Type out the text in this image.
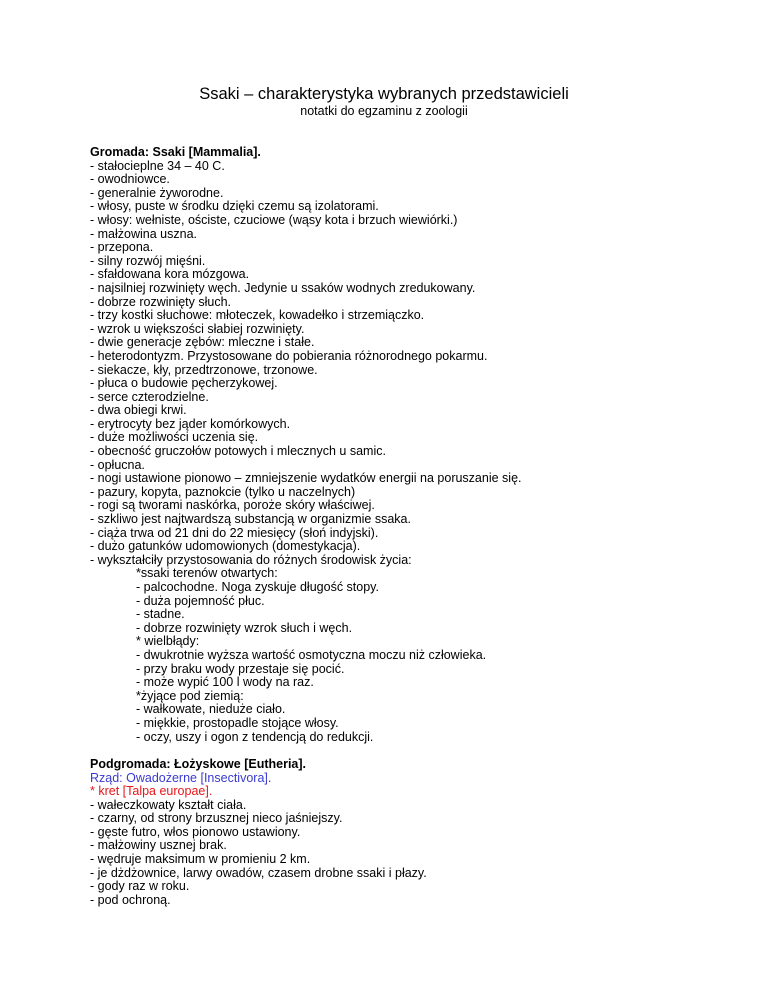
Ssaki – charakterystyka wybranych przedstawicieli
notatki do egzaminu z zoologii
Gromada: Ssaki [Mammalia].
- stałocieplne 34 – 40 C.
- owodniowce.
- generalnie żyworodne.
- włosy, puste w środku dzięki czemu są izolatorami.
- włosy: wełniste, ościste, czuciowe (wąsy kota i brzuch wiewiórki.)
- małżowina uszna.
- przepona.
- silny rozwój mięśni.
- sfałdowana kora mózgowa.
- najsilniej rozwinięty węch. Jedynie u ssaków wodnych zredukowany.
- dobrze rozwinięty słuch.
- trzy kostki słuchowe: młoteczek, kowadełko i strzemiączko.
- wzrok u większości słabiej rozwinięty.
- dwie generacje zębów: mleczne i stałe.
- heterodontyzm. Przystosowane do pobierania różnorodnego pokarmu.
- siekacze, kły, przedtrzonowe, trzonowe.
- płuca o budowie pęcherzykowej.
- serce czterodzielne.
- dwa obiegi krwi.
- erytrocyty bez jąder komórkowych.
- duże możliwości uczenia się.
- obecność gruczołów potowych i mlecznych u samic.
- opłucna.
- nogi ustawione pionowo – zmniejszenie wydatków energii na poruszanie się.
- pazury, kopyta, paznokcie (tylko u naczelnych)
- rogi są tworami naskórka, poroże skóry właściwej.
- szkliwo jest najtwardszą substancją w organizmie ssaka.
- ciąża trwa od 21 dni do 22 miesięcy (słoń indyjski).
- dużo gatunków udomowionych (domestykacja).
- wykształciły przystosowania do różnych środowisk życia:
*ssaki terenów otwartych:
- palcochodne. Noga zyskuje długość stopy.
- duża pojemność płuc.
- stadne.
- dobrze rozwinięty wzrok słuch i węch.
* wielbłądy:
- dwukrotnie wyższa wartość osmotyczna moczu niż człowieka.
- przy braku wody przestaje się pocić.
- może wypić 100 l wody na raz.
*żyjące pod ziemią:
- wałkowate, nieduże ciało.
- miękkie, prostopadle stojące włosy.
- oczy, uszy i ogon z tendencją do redukcji.
Podgromada: Łożyskowe [Eutheria].
Rząd: Owadożerne [Insectivora].
* kret [Talpa europae].
- wałeczkowaty kształt ciała.
- czarny, od strony brzusznej nieco jaśniejszy.
- gęste futro, włos pionowo ustawiony.
- małżowiny usznej brak.
- wędruje maksimum w promieniu 2 km.
- je dżdżownice, larwy owadów, czasem drobne ssaki i płazy.
- gody raz w roku.
- pod ochroną.
